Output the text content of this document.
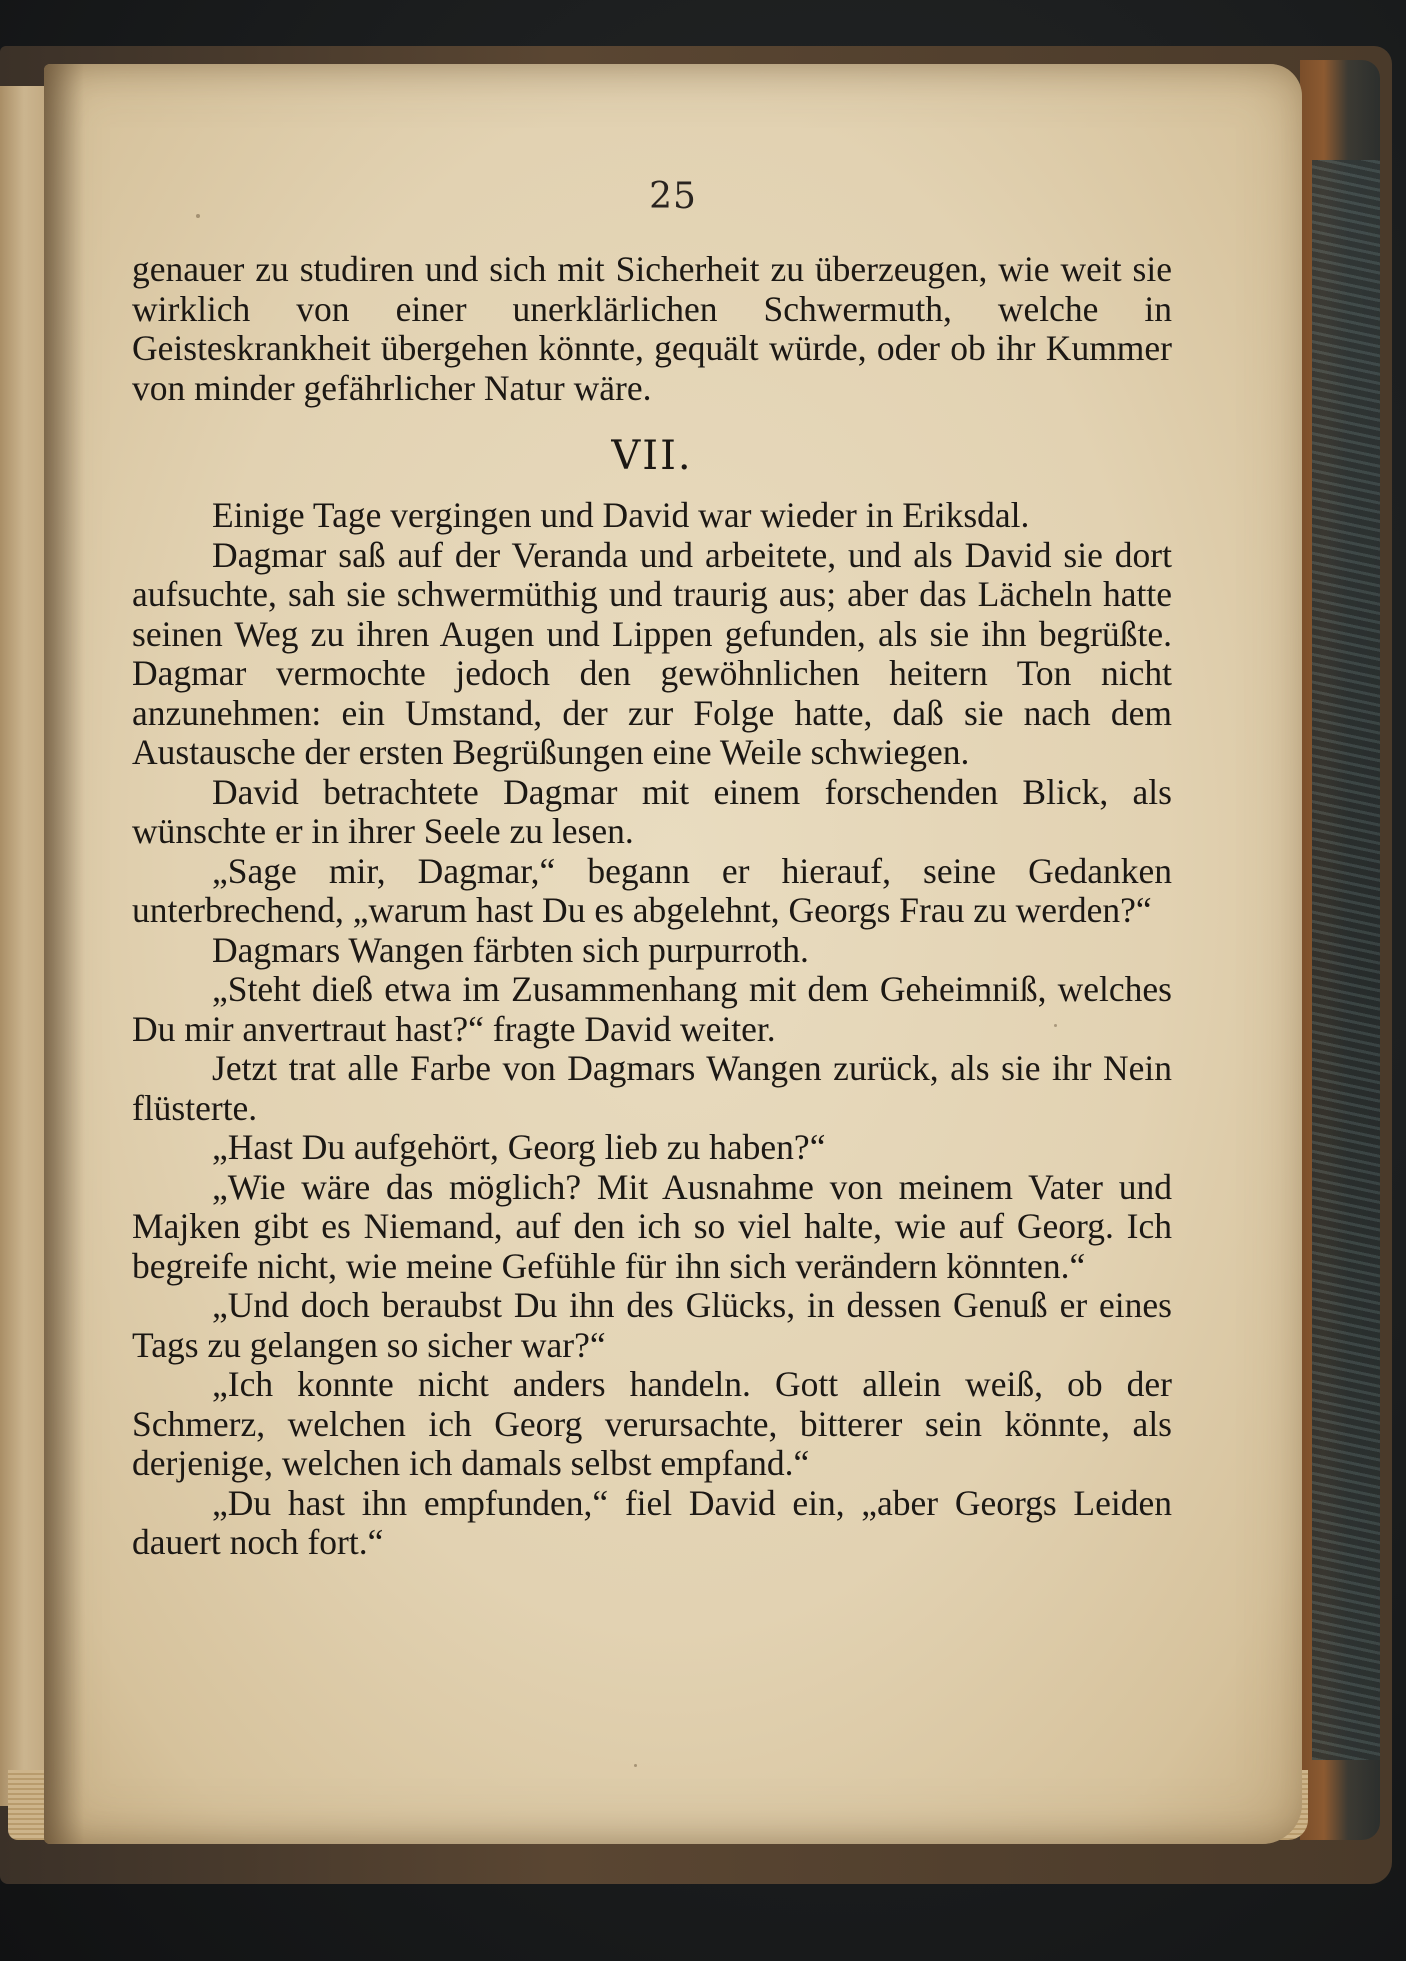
25

genauer zu studiren und sich mit Sicherheit zu überzeugen, wie weit sie wirklich von einer unerklärlichen Schwermuth, welche in Geisteskrankheit übergehen könnte, gequält würde, oder ob ihr Kummer von minder gefährlicher Natur wäre.

VII.

Einige Tage vergingen und David war wieder in Eriksdal.

Dagmar saß auf der Veranda und arbeitete, und als David sie dort aufsuchte, sah sie schwermüthig und traurig aus; aber das Lächeln hatte seinen Weg zu ihren Augen und Lippen gefunden, als sie ihn begrüßte. Dagmar vermochte jedoch den gewöhnlichen heitern Ton nicht anzunehmen: ein Umstand, der zur Folge hatte, daß sie nach dem Austausche der ersten Begrüßungen eine Weile schwiegen.

David betrachtete Dagmar mit einem forschenden Blick, als wünschte er in ihrer Seele zu lesen.

„Sage mir, Dagmar,“ begann er hierauf, seine Gedanken unterbrechend, „warum hast Du es abgelehnt, Georgs Frau zu werden?“

Dagmars Wangen färbten sich purpurroth.

„Steht dieß etwa im Zusammenhang mit dem Geheimniß, welches Du mir anvertraut hast?“ fragte David weiter.

Jetzt trat alle Farbe von Dagmars Wangen zurück, als sie ihr Nein flüsterte.

„Hast Du aufgehört, Georg lieb zu haben?“

„Wie wäre das möglich? Mit Ausnahme von meinem Vater und Majken gibt es Niemand, auf den ich so viel halte, wie auf Georg. Ich begreife nicht, wie meine Gefühle für ihn sich verändern könnten.“

„Und doch beraubst Du ihn des Glücks, in dessen Genuß er eines Tags zu gelangen so sicher war?“

„Ich konnte nicht anders handeln. Gott allein weiß, ob der Schmerz, welchen ich Georg verursachte, bitterer sein könnte, als derjenige, welchen ich damals selbst empfand.“

„Du hast ihn empfunden,“ fiel David ein, „aber Georgs Leiden dauert noch fort.“
